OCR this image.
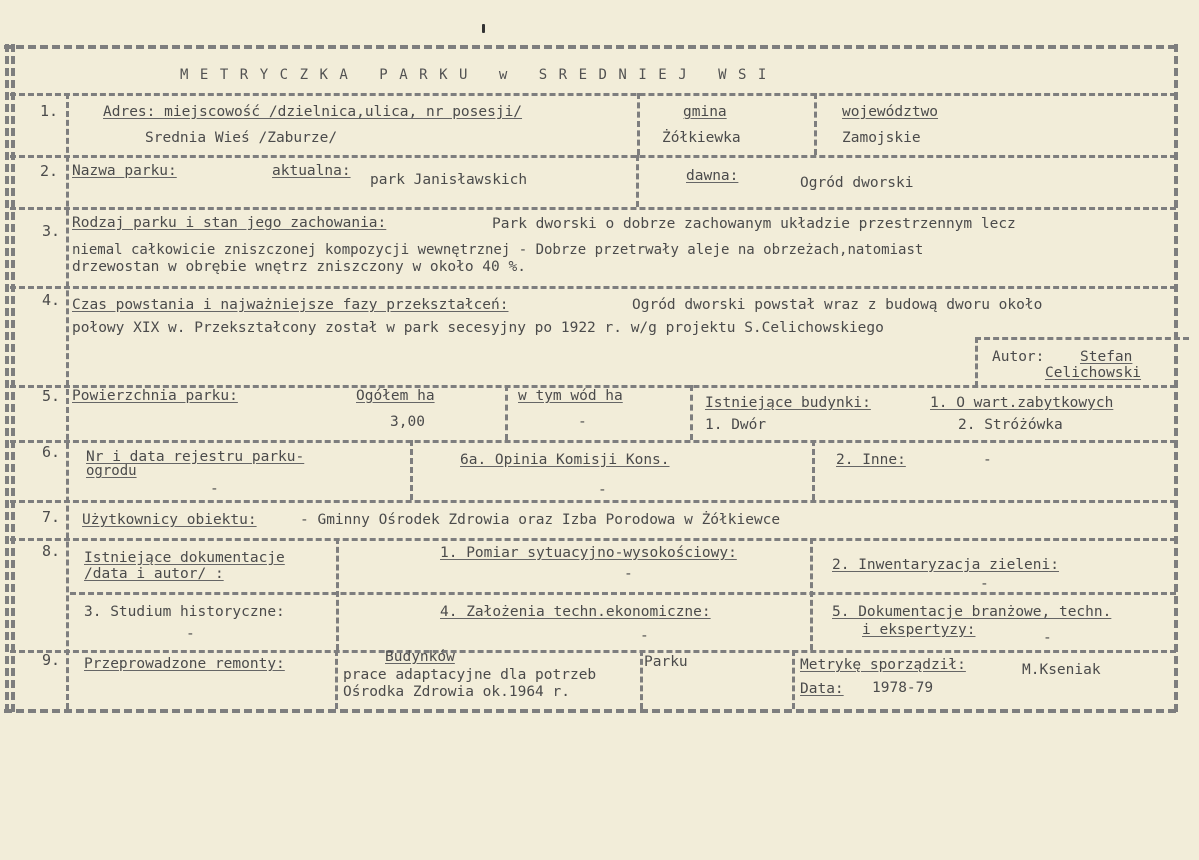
METRYCZKA PARKU w SREDNIEJ WSI
1.	Adres: miejscowość /dzielnica,ulica, nr posesji/
Srednia Wieś /Zaburze/
gmina
Żółkiewka
województwo
Zamojskie
2. Nazwa parku:	aktualna:
park Janisławskich	dawna:	Ogród dworski
3. Rodzaj parku i stan jego zachowania:	Park dworski o dobrze zachowanym układzie przestrzennym lecz
niemal całkowicie zniszczonej kompozycji wewnętrznej - Dobrze przetrwały aleje na obrzeżach,natomiast
drzewostan w obrębie wnętrz zniszczony w około 40 %.
4. Czas powstania i najważniejsze fazy przekształceń:	Ogród dworski powstał wraz z budową dworu około
połowy XIX w. Przekształcony został w park secesyjny po 1922 r. w/g projektu S.Celichowskiego
Autor: Stefan
Celichowski
5. Powierzchnia parku:	Ogółem ha
3,00
w tym wód ha
-
Istniejące budynki:
1. Dwór
1. O wart.zabytkowych
2. Stróżówka
6. Nr i data rejestru parku-
ogrodu
-
6a. Opinia Komisji Kons.
-
2. Inne:	-
7. Użytkownicy obiektu:	- Gminny Ośrodek Zdrowia oraz Izba Porodowa w Żółkiewce
8. Istniejące dokumentacje
/data i autor/ :
1. Pomiar sytuacyjno-wysokościowy:
-
2. Inwentaryzacja zieleni:
-
3. Studium historyczne:
-
4. Założenia techn.ekonomiczne:
-
5. Dokumentacje branżowe, techn.
i ekspertyzy:	-
9. Przeprowadzone remonty:	Budynków	Parku
prace adaptacyjne dla potrzeb
Ośrodka Zdrowia ok.1964 r.
Metrykę sporządził:	M.Kseniak
Data: 1978-79
